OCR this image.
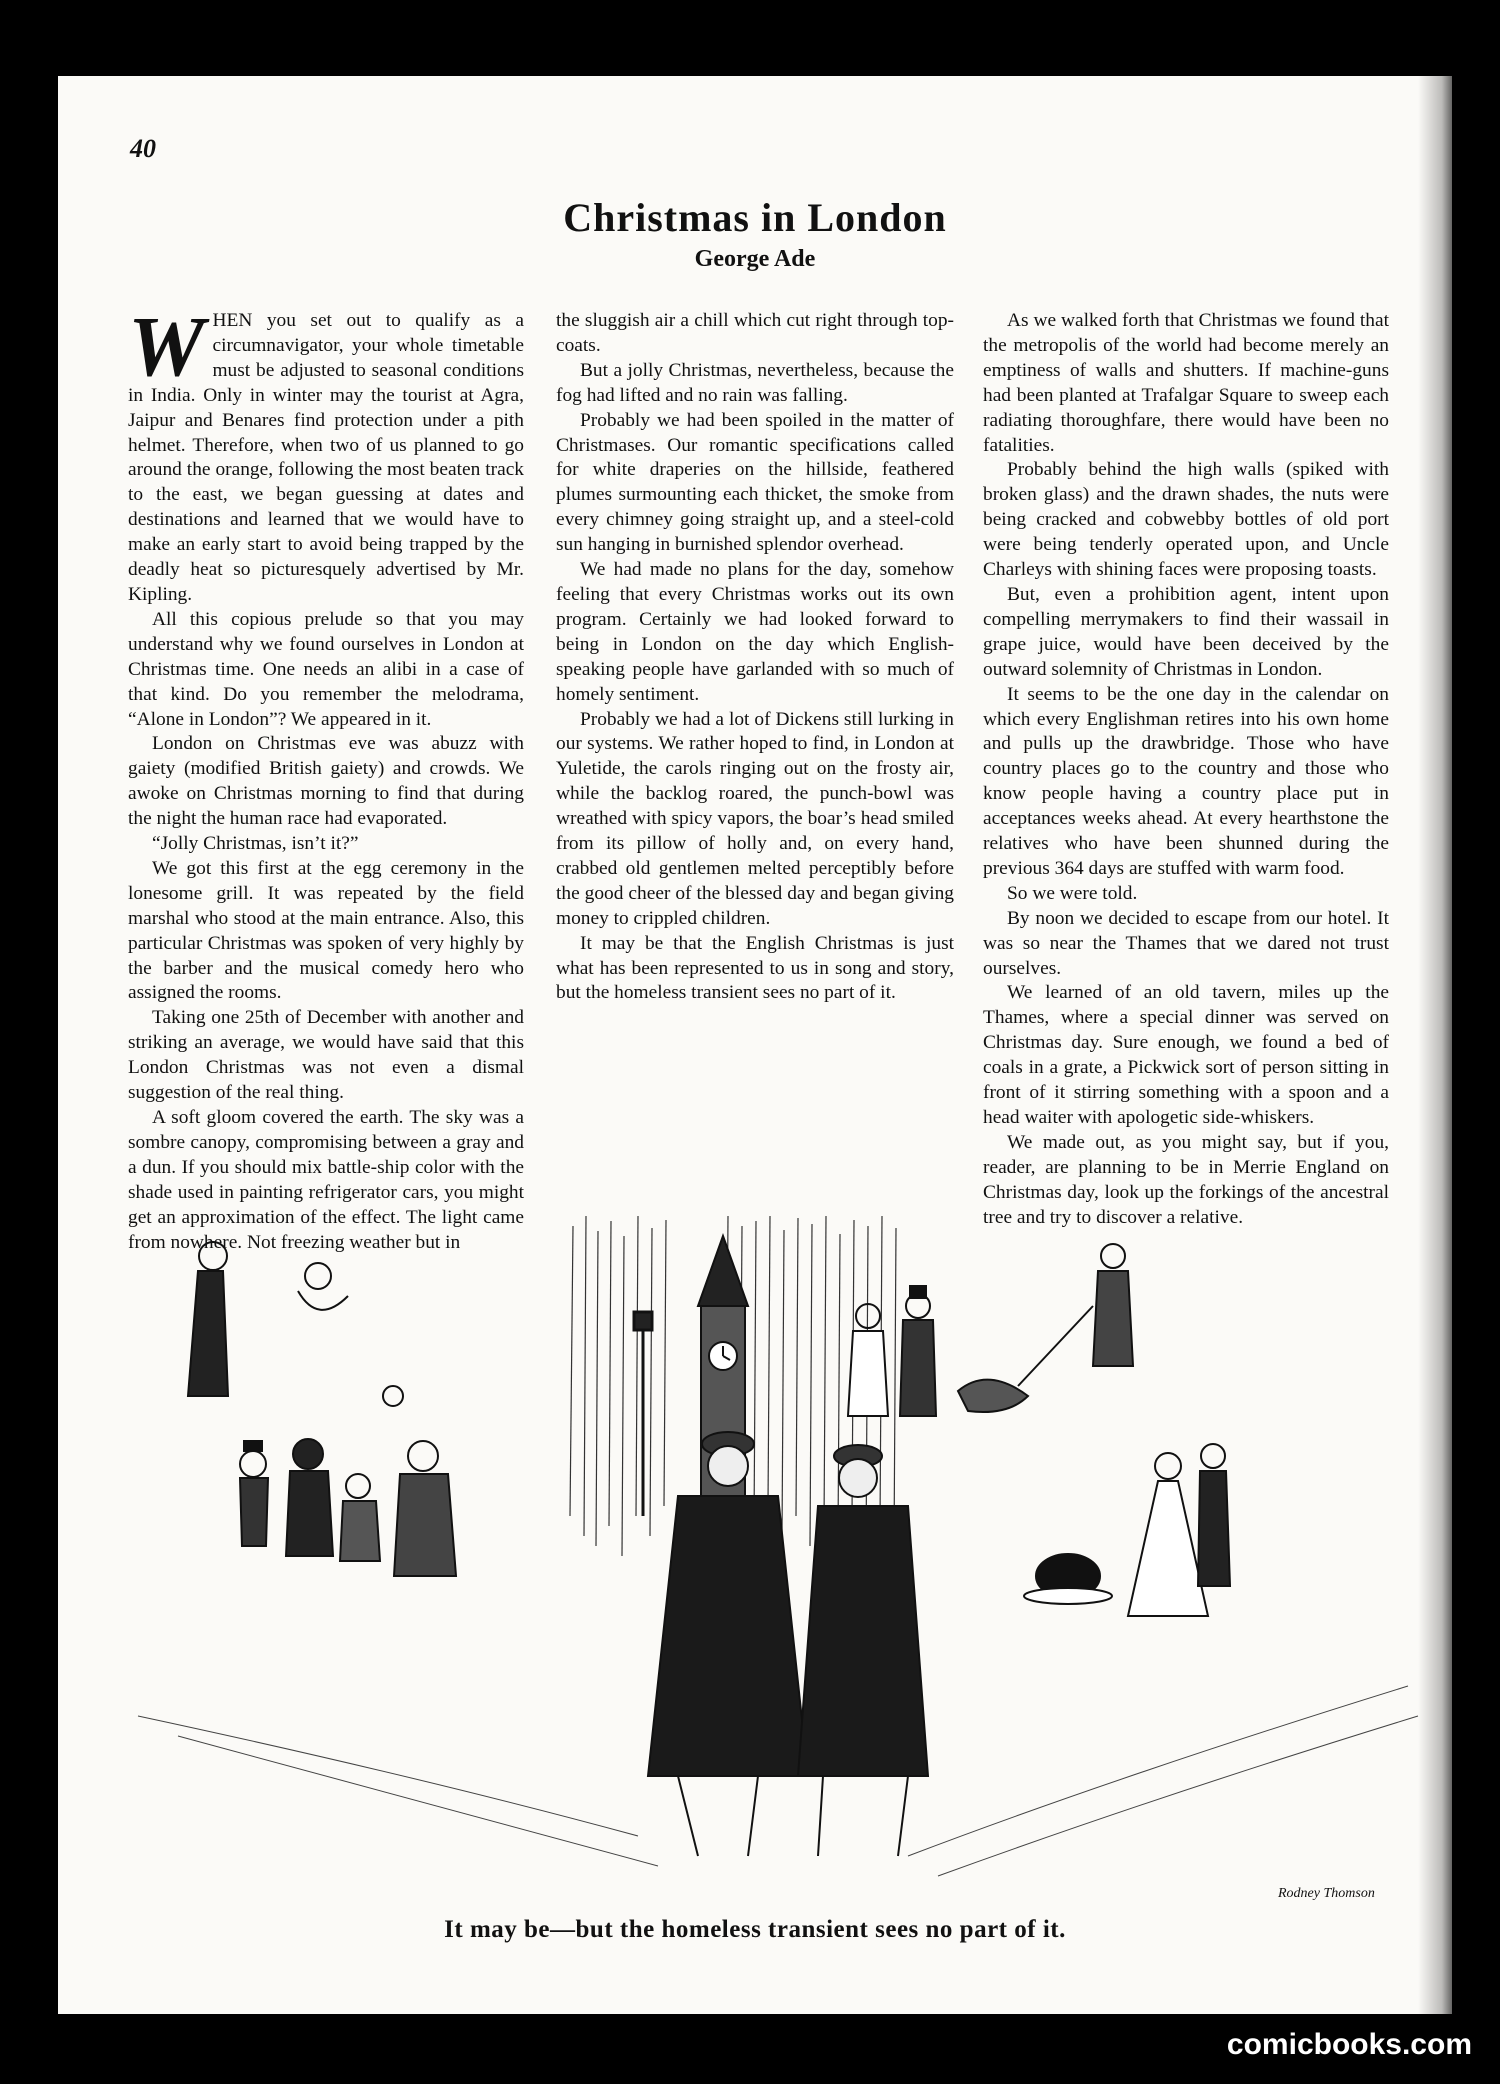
40
Christmas in London
George Ade

WHEN you set out to qualify as a circumnavigator, your whole timetable must be adjusted to seasonal conditions in India. Only in winter may the tourist at Agra, Jaipur and Benares find protection under a pith helmet. Therefore, when two of us planned to go around the orange, following the most beaten track to the east, we began guessing at dates and destinations and learned that we would have to make an early start to avoid being trapped by the deadly heat so picturesquely advertised by Mr. Kipling.

All this copious prelude so that you may understand why we found ourselves in London at Christmas time. One needs an alibi in a case of that kind. Do you remember the melodrama, “Alone in London”? We appeared in it.

London on Christmas eve was abuzz with gaiety (modified British gaiety) and crowds. We awoke on Christmas morning to find that during the night the human race had evaporated.

“Jolly Christmas, isn’t it?”

We got this first at the egg ceremony in the lonesome grill. It was repeated by the field marshal who stood at the main entrance. Also, this particular Christmas was spoken of very highly by the barber and the musical comedy hero who assigned the rooms.

Taking one 25th of December with another and striking an average, we would have said that this London Christmas was not even a dismal suggestion of the real thing.

A soft gloom covered the earth. The sky was a sombre canopy, compromising between a gray and a dun. If you should mix battle-ship color with the shade used in painting refrigerator cars, you might get an approximation of the effect. The light came from nowhere. Not freezing weather but in

the sluggish air a chill which cut right through top-coats.

But a jolly Christmas, nevertheless, because the fog had lifted and no rain was falling.

Probably we had been spoiled in the matter of Christmases. Our romantic specifications called for white draperies on the hillside, feathered plumes surmounting each thicket, the smoke from every chimney going straight up, and a steel-cold sun hanging in burnished splendor overhead.

We had made no plans for the day, somehow feeling that every Christmas works out its own program. Certainly we had looked forward to being in London on the day which English-speaking people have garlanded with so much of homely sentiment.

Probably we had a lot of Dickens still lurking in our systems. We rather hoped to find, in London at Yuletide, the carols ringing out on the frosty air, while the backlog roared, the punch-bowl was wreathed with spicy vapors, the boar’s head smiled from its pillow of holly and, on every hand, crabbed old gentlemen melted perceptibly before the good cheer of the blessed day and began giving money to crippled children.

It may be that the English Christmas is just what has been represented to us in song and story, but the homeless transient sees no part of it.

As we walked forth that Christmas we found that the metropolis of the world had become merely an emptiness of walls and shutters. If machine-guns had been planted at Trafalgar Square to sweep each radiating thoroughfare, there would have been no fatalities.

Probably behind the high walls (spiked with broken glass) and the drawn shades, the nuts were being cracked and cobwebby bottles of old port were being tenderly operated upon, and Uncle Charleys with shining faces were proposing toasts.

But, even a prohibition agent, intent upon compelling merrymakers to find their wassail in grape juice, would have been deceived by the outward solemnity of Christmas in London.

It seems to be the one day in the calendar on which every Englishman retires into his own home and pulls up the drawbridge. Those who have country places go to the country and those who know people having a country place put in acceptances weeks ahead. At every hearthstone the relatives who have been shunned during the previous 364 days are stuffed with warm food.

So we were told.

By noon we decided to escape from our hotel. It was so near the Thames that we dared not trust ourselves.

We learned of an old tavern, miles up the Thames, where a special dinner was served on Christmas day. Sure enough, we found a bed of coals in a grate, a Pickwick sort of person sitting in front of it stirring something with a spoon and a head waiter with apologetic side-whiskers.

We made out, as you might say, but if you, reader, are planning to be in Merrie England on Christmas day, look up the forkings of the ancestral tree and try to discover a relative.

Rodney Thomson
It may be—but the homeless transient sees no part of it.
comicbooks.com
